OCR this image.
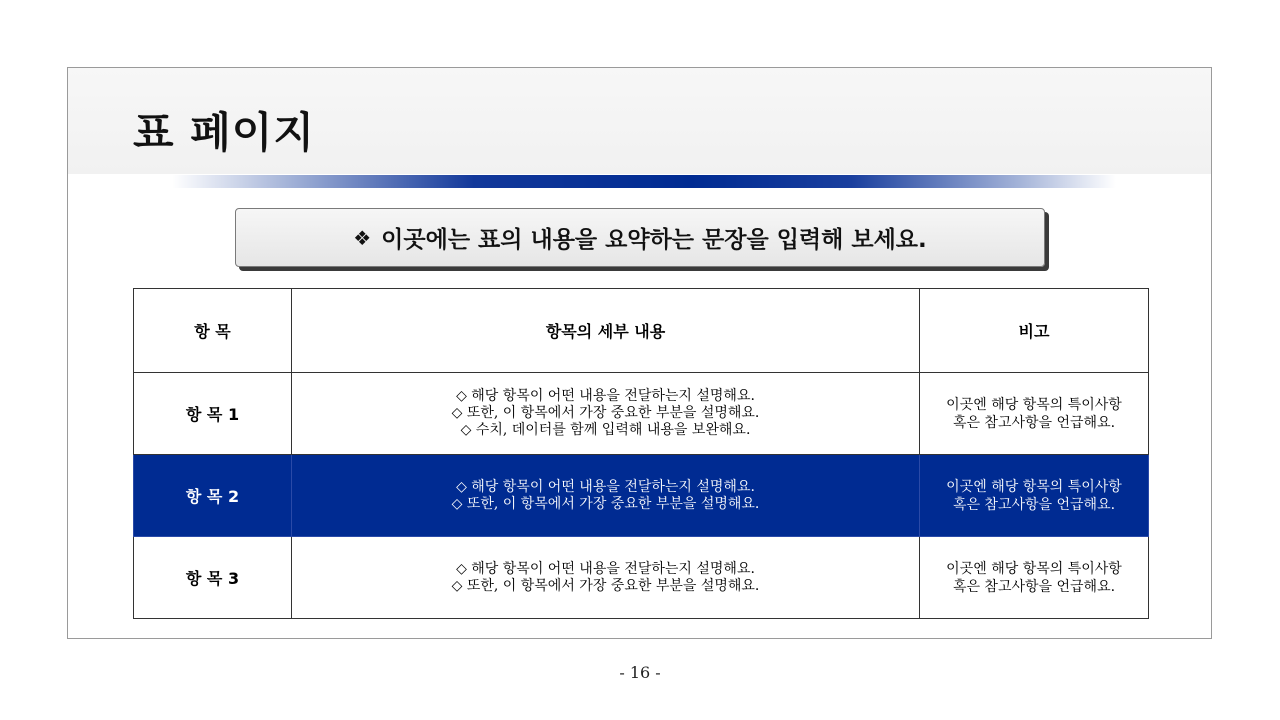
표 페이지
❖ 이곳에는 표의 내용을 요약하는 문장을 입력해 보세요.
항 목	항목의 세부 내용	비고
항 목 1	◇ 해당 항목이 어떤 내용을 전달하는지 설명해요.
◇ 또한, 이 항목에서 가장 중요한 부분을 설명해요.
◇ 수치, 데이터를 함께 입력해 내용을 보완해요.	이곳엔 해당 항목의 특이사항
혹은 참고사항을 언급해요.

항 목 2	◇ 해당 항목이 어떤 내용을 전달하는지 설명해요.
◇ 또한, 이 항목에서 가장 중요한 부분을 설명해요.	이곳엔 해당 항목의 특이사항
혹은 참고사항을 언급해요.

항 목 3	◇ 해당 항목이 어떤 내용을 전달하는지 설명해요.
◇ 또한, 이 항목에서 가장 중요한 부분을 설명해요.	이곳엔 해당 항목의 특이사항
혹은 참고사항을 언급해요.
- 16 -
